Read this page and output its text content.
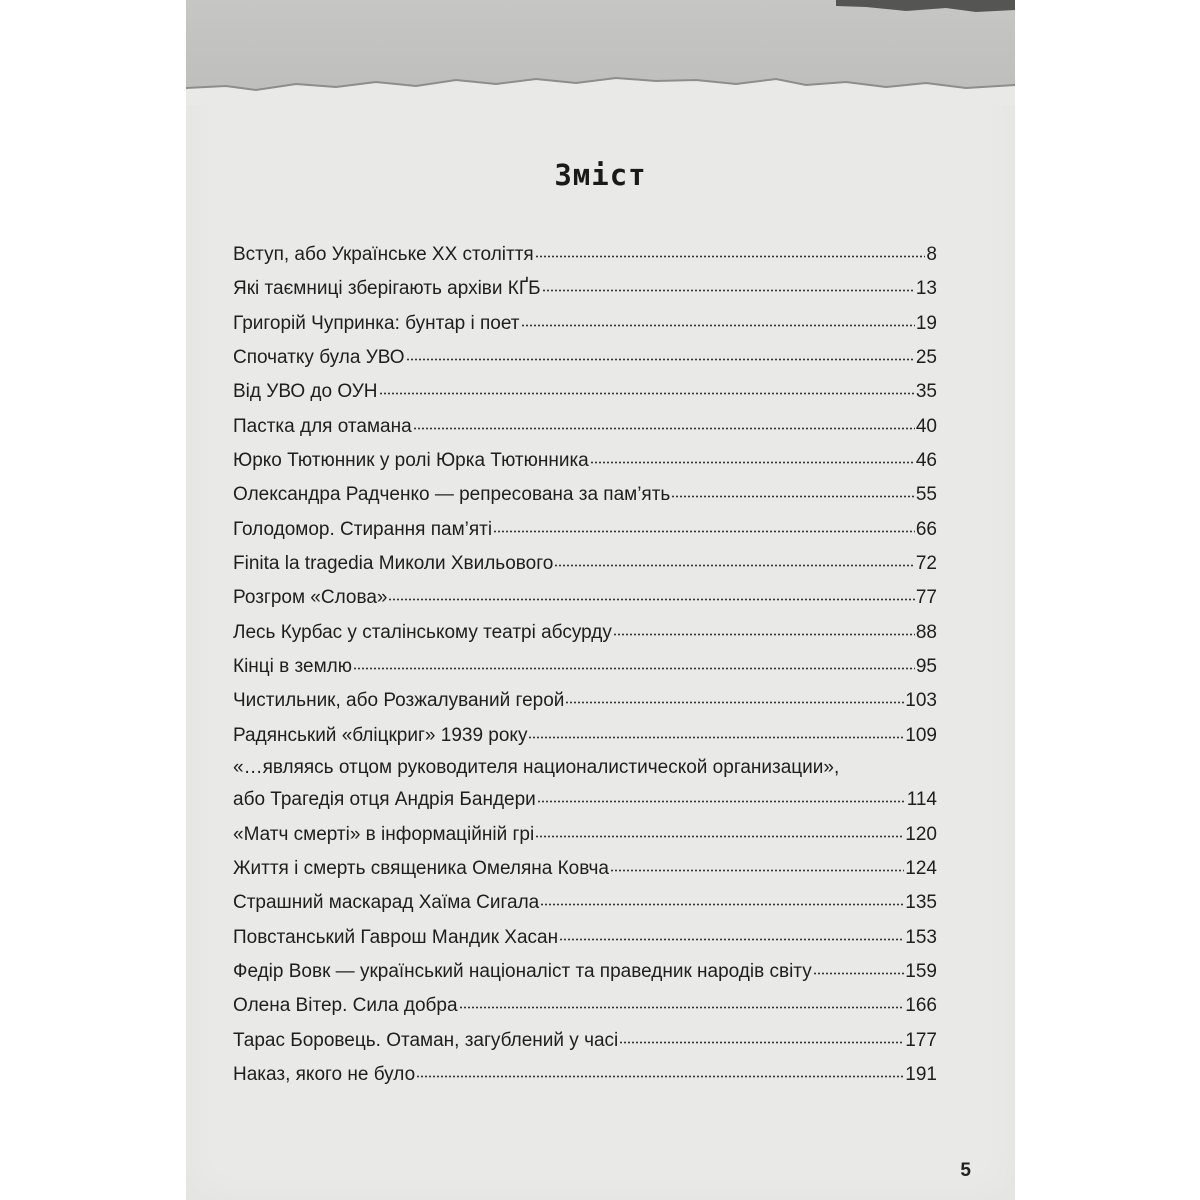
Зміст
Вступ, або Українське ХХ століття	8
Які таємниці зберігають архіви КҐБ	13
Григорій Чупринка: бунтар і поет	19
Спочатку була УВО	25
Від УВО до ОУН	35
Пастка для отамана	40
Юрко Тютюнник у ролі Юрка Тютюнника	46
Олександра Радченко — репресована за пам’ять	55
Голодомор. Стирання пам’яті	66
Finita la tragedia Миколи Хвильового	72
Розгром «Слова»	77
Лесь Курбас у сталінському театрі абсурду	88
Кінці в землю	95
Чистильник, або Розжалуваний герой	103
Радянський «бліцкриг» 1939 року	109
«…являясь отцом руководителя националистической организации»,
або Трагедія отця Андрія Бандери	114
«Матч смерті» в інформаційній грі	120
Життя і смерть священика Омеляна Ковча	124
Страшний маскарад Хаїма Сигала	135
Повстанський Гаврош Мандик Хасан	153
Федір Вовк — український націоналіст та праведник народів світу	159
Олена Вітер. Сила добра	166
Тарас Боровець. Отаман, загублений у часі	177
Наказ, якого не було	191
5
